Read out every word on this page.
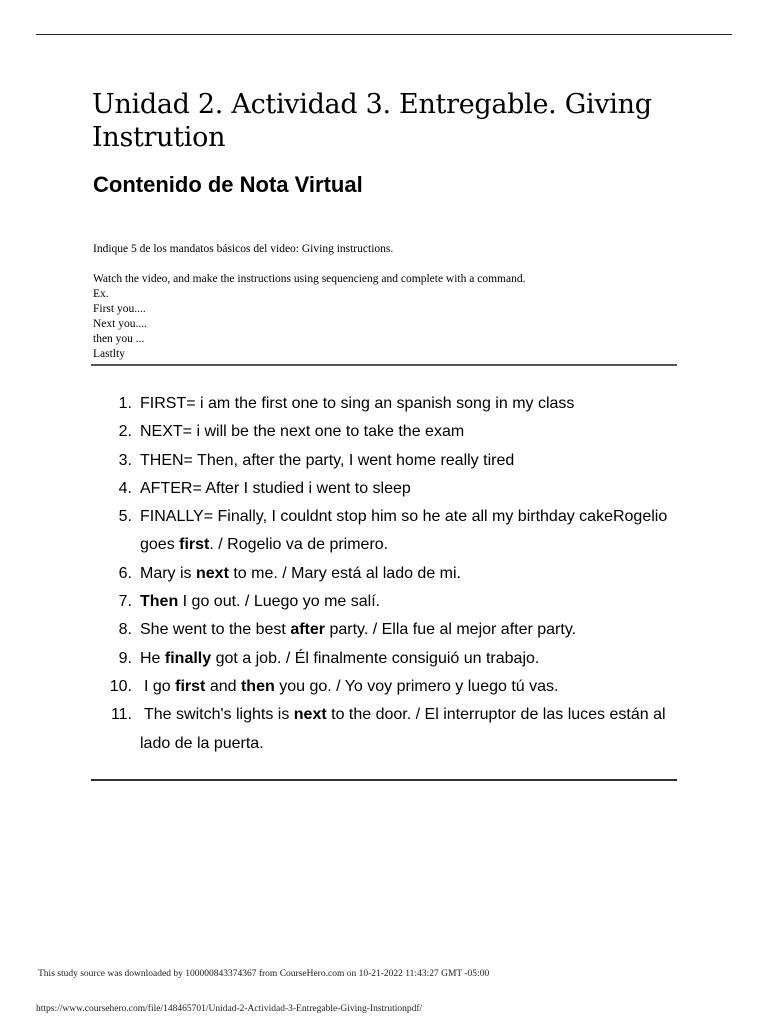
Unidad 2. Actividad 3. Entregable. Giving Instrution
Contenido de Nota Virtual

Indique 5 de los mandatos básicos del video: Giving instructions.

Watch the video, and make the instructions using sequencieng and complete with a command.

Ex.

First you....

Next you....

then you ...

Lastlty

1. FIRST= i am the first one to sing an spanish song in my class
2. NEXT= i will be the next one to take the exam
3. THEN= Then, after the party, I went home really tired
4. AFTER= After I studied i went to sleep
5. FINALLY= Finally, I couldnt stop him so he ate all my birthday cakeRogelio goes first. / Rogelio va de primero.
6. Mary is next to me. / Mary está al lado de mi.
7. Then I go out. / Luego yo me salí.
8. She went to the best after party. / Ella fue al mejor after party.
9. He finally got a job. / Él finalmente consiguió un trabajo.
10. I go first and then you go. / Yo voy primero y luego tú vas.
11. The switch's lights is next to the door. / El interruptor de las luces están al lado de la puerta.
This study source was downloaded by 100000843374367 from CourseHero.com on 10-21-2022 11:43:27 GMT -05:00
https://www.coursehero.com/file/148465701/Unidad-2-Actividad-3-Entregable-Giving-Instrutionpdf/
